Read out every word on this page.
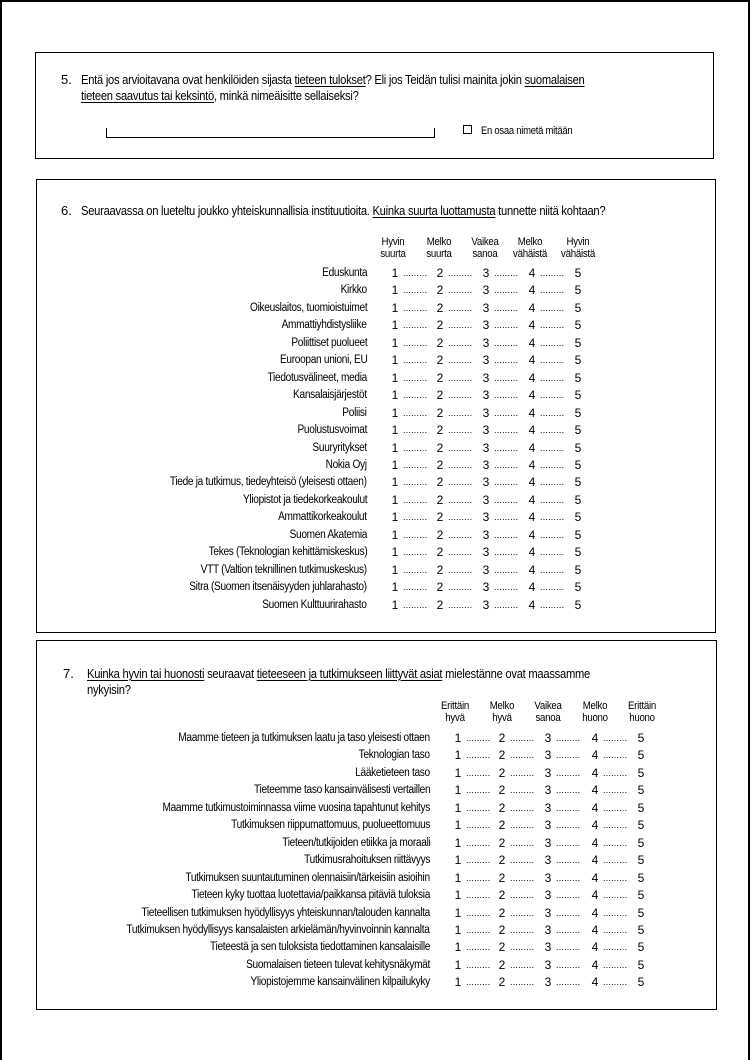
5. Entä jos arvioitavana ovat henkilöiden sijasta tieteen tulokset? Eli jos Teidän tulisi mainita jokin suomalaisen
tieteen saavutus tai keksintö, minkä nimeäisitte sellaiseksi?
En osaa nimetä mitään
6. Seuraavassa on lueteltu joukko yhteiskunnallisia instituutioita. Kuinka suurta luottamusta tunnette niitä kohtaan?
Hyvin
suurta
Melko
suurta
Vaikea
sanoa
Melko
vähäistä
Hyvin
vähäistä
Eduskunta 1 ......... 2 ......... 3 ......... 4 ......... 5
Kirkko 1 ......... 2 ......... 3 ......... 4 ......... 5
Oikeuslaitos, tuomioistuimet 1 ......... 2 ......... 3 ......... 4 ......... 5
Ammattiyhdistysliike 1 ......... 2 ......... 3 ......... 4 ......... 5
Poliittiset puolueet 1 ......... 2 ......... 3 ......... 4 ......... 5
Euroopan unioni, EU 1 ......... 2 ......... 3 ......... 4 ......... 5
Tiedotusvälineet, media 1 ......... 2 ......... 3 ......... 4 ......... 5
Kansalaisjärjestöt 1 ......... 2 ......... 3 ......... 4 ......... 5
Poliisi 1 ......... 2 ......... 3 ......... 4 ......... 5
Puolustusvoimat 1 ......... 2 ......... 3 ......... 4 ......... 5
Suuryritykset 1 ......... 2 ......... 3 ......... 4 ......... 5
Nokia Oyj 1 ......... 2 ......... 3 ......... 4 ......... 5
Tiede ja tutkimus, tiedeyhteisö (yleisesti ottaen) 1 ......... 2 ......... 3 ......... 4 ......... 5
Yliopistot ja tiedekorkeakoulut 1 ......... 2 ......... 3 ......... 4 ......... 5
Ammattikorkeakoulut 1 ......... 2 ......... 3 ......... 4 ......... 5
Suomen Akatemia 1 ......... 2 ......... 3 ......... 4 ......... 5
Tekes (Teknologian kehittämiskeskus) 1 ......... 2 ......... 3 ......... 4 ......... 5
VTT (Valtion teknillinen tutkimuskeskus) 1 ......... 2 ......... 3 ......... 4 ......... 5
Sitra (Suomen itsenäisyyden juhlarahasto) 1 ......... 2 ......... 3 ......... 4 ......... 5
Suomen Kulttuurirahasto 1 ......... 2 ......... 3 ......... 4 ......... 5
7. Kuinka hyvin tai huonosti seuraavat tieteeseen ja tutkimukseen liittyvät asiat mielestänne ovat maassamme
nykyisin?
Erittäin
hyvä
Melko
hyvä
Vaikea
sanoa
Melko
huono
Erittäin
huono
Maamme tieteen ja tutkimuksen laatu ja taso yleisesti ottaen 1 ......... 2 ......... 3 ......... 4 ......... 5
Teknologian taso 1 ......... 2 ......... 3 ......... 4 ......... 5
Lääketieteen taso 1 ......... 2 ......... 3 ......... 4 ......... 5
Tieteemme taso kansainvälisesti vertaillen 1 ......... 2 ......... 3 ......... 4 ......... 5
Maamme tutkimustoiminnassa viime vuosina tapahtunut kehitys 1 ......... 2 ......... 3 ......... 4 ......... 5
Tutkimuksen riippumattomuus, puolueettomuus 1 ......... 2 ......... 3 ......... 4 ......... 5
Tieteen/tutkijoiden etiikka ja moraali 1 ......... 2 ......... 3 ......... 4 ......... 5
Tutkimusrahoituksen riittävyys 1 ......... 2 ......... 3 ......... 4 ......... 5
Tutkimuksen suuntautuminen olennaisiin/tärkeisiin asioihin 1 ......... 2 ......... 3 ......... 4 ......... 5
Tieteen kyky tuottaa luotettavia/paikkansa pitäviä tuloksia 1 ......... 2 ......... 3 ......... 4 ......... 5
Tieteellisen tutkimuksen hyödyllisyys yhteiskunnan/talouden kannalta 1 ......... 2 ......... 3 ......... 4 ......... 5
Tutkimuksen hyödyllisyys kansalaisten arkielämän/hyvinvoinnin kannalta 1 ......... 2 ......... 3 ......... 4 ......... 5
Tieteestä ja sen tuloksista tiedottaminen kansalaisille 1 ......... 2 ......... 3 ......... 4 ......... 5
Suomalaisen tieteen tulevat kehitysnäkymät 1 ......... 2 ......... 3 ......... 4 ......... 5
Yliopistojemme kansainvälinen kilpailukyky 1 ......... 2 ......... 3 ......... 4 ......... 5
